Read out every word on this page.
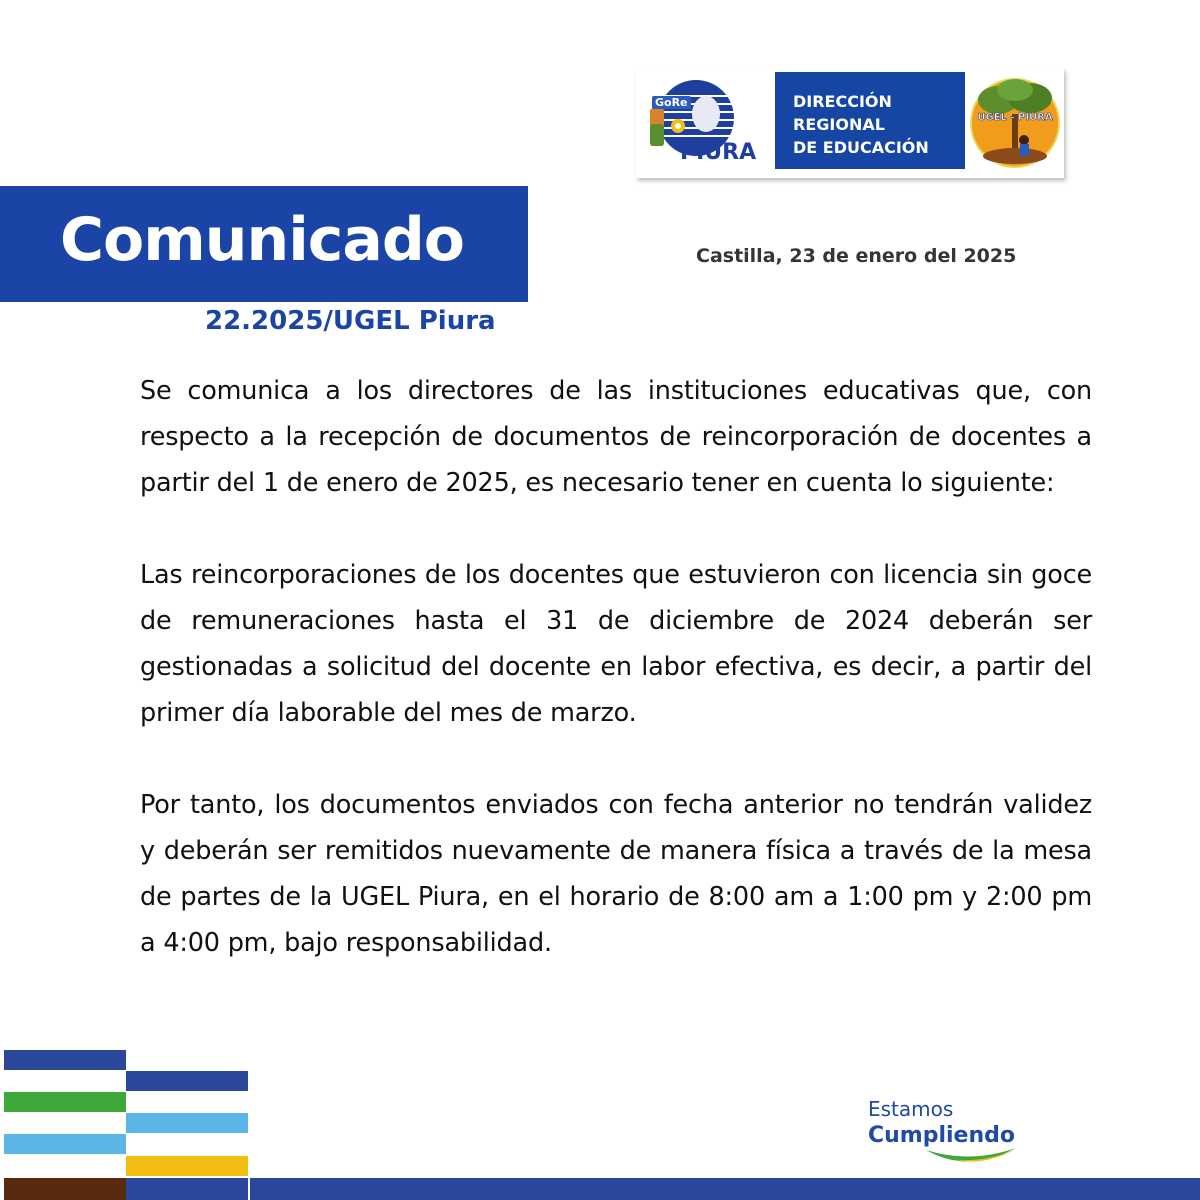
GoRe
PIURA
DIRECCIÓN
REGIONAL
DE EDUCACIÓN
UGEL - PIURA
Comunicado
22.2025/UGEL Piura
Castilla, 23 de enero del 2025

Se comunica a los directores de las instituciones educativas que, con respecto a la recepción de documentos de reincorporación de docentes a partir del 1 de enero de 2025, es necesario tener en cuenta lo siguiente:

Las reincorporaciones de los docentes que estuvieron con licencia sin goce de remuneraciones hasta el 31 de diciembre de 2024 deberán ser gestionadas a solicitud del docente en labor efectiva, es decir, a partir del primer día laborable del mes de marzo.

Por tanto, los documentos enviados con fecha anterior no tendrán validez y deberán ser remitidos nuevamente de manera física a través de la mesa de partes de la UGEL Piura, en el horario de 8:00 am a 1:00 pm y 2:00 pm a 4:00 pm, bajo responsabilidad.

Estamos
Cumpliendo
